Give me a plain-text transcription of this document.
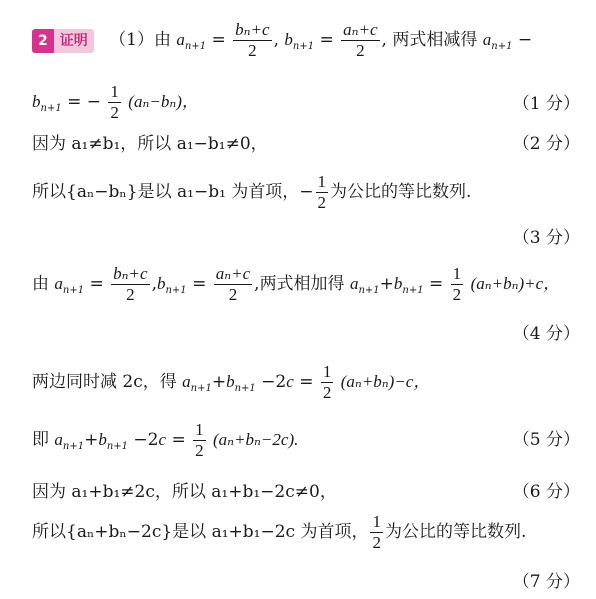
2 证明 （1）由 $a_{n+1} = \frac{\text{bₙ+c}}{2}$ , $b_{n+1} = \frac{\text{aₙ+c}}{2}$ , 两式相减得 $a_{n+1}$ −
$b_{n+1}$ = − $\frac{1}{2} (a_n-b_n)$，	（1 分）
因为 a₁≠b₁，所以 a₁−b₁≠0，	（2 分）
所以{aₙ−bₙ}是以 a₁−b₁ 为首项，− $\frac{1}{2}$ 为公比的等比数列.
（3 分）
由 $a_{n+1} = \frac{\text{bₙ+c}}{2} ,b_{n+1} = \frac{\text{aₙ+c}}{2}$ ,两式相加得 $a_{n+1}+b_{n+1} = \frac{1}{2} (a_n+b_n)+c$，
（4 分）
两边同时减 2c，得 $a_{n+1}+b_{n+1} -2c = \frac{1}{2} (a_n+b_n)-c$，
即 $a_{n+1}+b_{n+1} -2c = \frac{1}{2} (a_n+b_n-2c)$.	（5 分）
因为 a₁+b₁≠2c，所以 a₁+b₁−2c≠0，	（6 分）
所以{aₙ+bₙ−2c}是以 a₁+b₁−2c 为首项， $\frac{1}{2}$ 为公比的等比数列.
（7 分）
